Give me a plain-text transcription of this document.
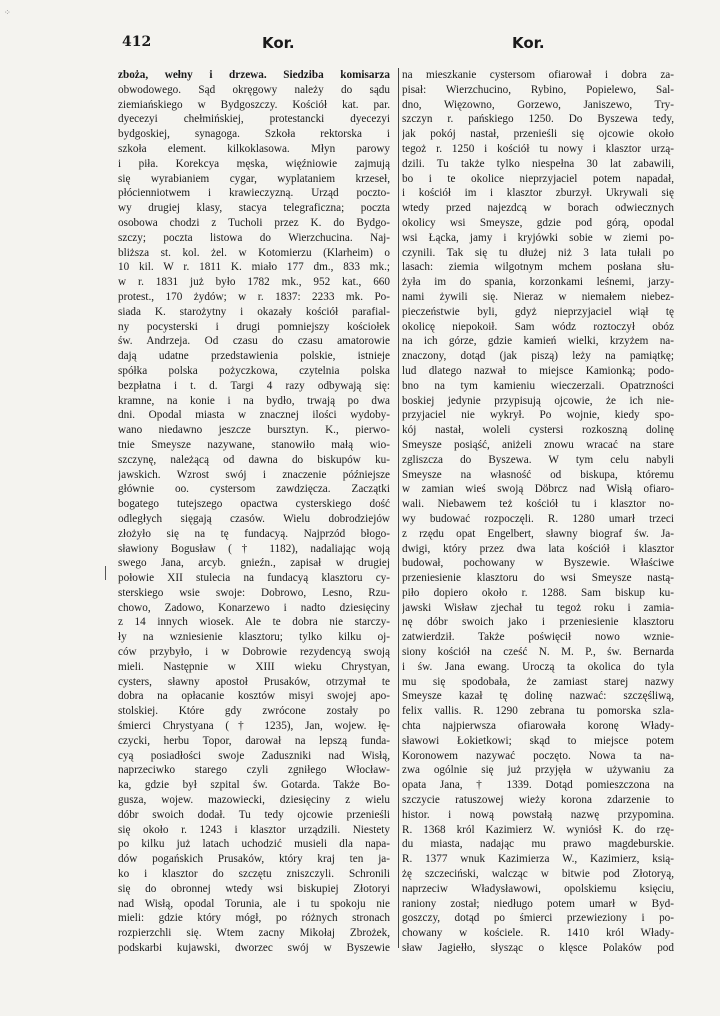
⁘
412	Kor.	Kor.
zboża, wełny i drzewa. Siedziba komisarza
obwodowego. Sąd okręgowy należy do sądu
ziemiańskiego w Bydgoszczy. Kościół kat. par.
dyecezyi chełmińskiej, protestancki dyecezyi
bydgoskiej, synagoga. Szkoła rektorska i
szkoła element. kilkoklasowa. Młyn parowy
i piła. Korekcya męska, więźniowie zajmują
się wyrabianiem cygar, wyplataniem krzeseł,
płócienniotwem i krawieczyzną. Urząd poczto-
wy drugiej klasy, stacya telegraficzna; poczta
osobowa chodzi z Tucholi przez K. do Bydgo-
szczy; poczta listowa do Wierzchucina. Naj-
bliższa st. kol. żel. w Kotomierzu (Klarheim) o
10 kil. W r. 1811 K. miało 177 dm., 833 mk.;
w r. 1831 już było 1782 mk., 952 kat., 660
protest., 170 żydów; w r. 1837: 2233 mk. Po-
siada K. starożytny i okazały kościół parafial-
ny pocysterski i drugi pomniejszy kościołek
św. Andrzeja. Od czasu do czasu amatorowie
dają udatne przedstawienia polskie, istnieje
spółka polska pożyczkowa, czytelnia polska
bezpłatna i t. d. Targi 4 razy odbywają się:
kramne, na konie i na bydło, trwają po dwa
dni. Opodal miasta w znacznej ilości wydoby-
wano niedawno jeszcze bursztyn. K., pierwo-
tnie Smeysze nazywane, stanowiło małą wio-
szczynę, należącą od dawna do biskupów ku-
jawskich. Wzrost swój i znaczenie późniejsze
głównie oo. cystersom zawdzięcza. Zaczątki
bogatego tutejszego opactwa cysterskiego dość
odległych sięgają czasów. Wielu dobrodziejów
złożyło się na tę fundacyą. Najprzód błogo-
sławiony Bogusław († 1182), nadaliając woją
swego Jana, arcyb. gnieźn., zapisał w drugiej
połowie XII stulecia na fundacyą klasztoru cy-
sterskiego wsie swoje: Dobrowo, Lesno, Rzu-
chowo, Zadowo, Konarzewo i nadto dziesięciny
z 14 innych wiosek. Ale te dobra nie starczy-
ły na wzniesienie klasztoru; tylko kilku oj-
ców przybyło, i w Dobrowie rezydencyą swoją
mieli. Następnie w XIII wieku Chrystyan,
cysters, sławny apostoł Prusaków, otrzymał te
dobra na opłacanie kosztów misyi swojej apo-
stolskiej. Które gdy zwrócone zostały po
śmierci Chrystyana († 1235), Jan, wojew. łę-
czycki, herbu Topor, darował na lepszą funda-
cyą posiadłości swoje Zaduszniki nad Wisłą,
naprzeciwko starego czyli zgniłego Włocław-
ka, gdzie był szpital św. Gotarda. Także Bo-
gusza, wojew. mazowiecki, dziesięciny z wielu
dóbr swoich dodał. Tu tedy ojcowie przenieśli
się około r. 1243 i klasztor urządzili. Niestety
po kilku już latach uchodzić musieli dla napa-
dów pogańskich Prusaków, który kraj ten ja-
ko i klasztor do szczętu zniszczyli. Schronili
się do obronnej wtedy wsi biskupiej Złotoryi
nad Wisłą, opodal Torunia, ale i tu spokoju nie
mieli: gdzie który mógł, po różnych stronach
rozpierzchli się. Wtem zacny Mikołaj Zbrożek,
podskarbi kujawski, dworzec swój w Byszewie
na mieszkanie cystersom ofiarował i dobra za-
pisał: Wierzchucino, Rybino, Popielewo, Sal-
dno, Więzowno, Gorzewo, Janiszewo, Try-
szczyn r. pańskiego 1250. Do Byszewa tedy,
jak pokój nastał, przenieśli się ojcowie około
tegoż r. 1250 i kościół tu nowy i klasztor urzą-
dzili. Tu także tylko niespełna 30 lat zabawili,
bo i te okolice nieprzyjaciel potem napadał,
i kościół im i klasztor zburzył. Ukrywali się
wtedy przed najezdcą w borach odwiecznych
okolicy wsi Smeysze, gdzie pod górą, opodal
wsi Łącka, jamy i kryjówki sobie w ziemi po-
czynili. Tak się tu dłużej niż 3 lata tułali po
lasach: ziemia wilgotnym mchem posłana słu-
żyła im do spania, korzonkami leśnemi, jarzy-
nami żywili się. Nieraz w niemałem niebez-
pieczeństwie byli, gdyż nieprzyjaciel wiął tę
okolicę niepokoił. Sam wódz roztoczył obóz
na ich górze, gdzie kamień wielki, krzyżem na-
znaczony, dotąd (jak piszą) leży na pamiątkę;
lud dlatego nazwał to miejsce Kamionką; podo-
bno na tym kamieniu wieczerzali. Opatrzności
boskiej jedynie przypisują ojcowie, że ich nie-
przyjaciel nie wykrył. Po wojnie, kiedy spo-
kój nastał, woleli cystersi rozkoszną dolinę
Smeysze posiąść, aniżeli znowu wracać na stare
zgliszcza do Byszewa. W tym celu nabyli
Smeysze na własność od biskupa, któremu
w zamian wieś swoją Döbrcz nad Wisłą ofiaro-
wali. Niebawem też kościół tu i klasztor no-
wy budować rozpoczęli. R. 1280 umarł trzeci
z rzędu opat Engelbert, sławny biograf św. Ja-
dwigi, który przez dwa lata kościół i klasztor
budował, pochowany w Byszewie. Właściwe
przeniesienie klasztoru do wsi Smeysze nastą-
piło dopiero około r. 1288. Sam biskup ku-
jawski Wisław zjechał tu tegoż roku i zamia-
nę dóbr swoich jako i przeniesienie klasztoru
zatwierdził. Także poświęcił nowo wznie-
siony kościół na cześć N. M. P., św. Bernarda
i św. Jana ewang. Uroczą ta okolica do tyla
mu się spodobała, że zamiast starej nazwy
Smeysze kazał tę dolinę nazwać: szczęśliwą,
felix vallis. R. 1290 zebrana tu pomorska szla-
chta najpierwsza ofiarowała koronę Włady-
sławowi Łokietkowi; skąd to miejsce potem
Koronowem nazywać poczęto. Nowa ta na-
zwa ogólnie się już przyjęła w używaniu za
opata Jana, † 1339. Dotąd pomieszczona na
szczycie ratuszowej wieży korona zdarzenie to
histor. i nową powstałą nazwę przypomina.
R. 1368 król Kazimierz W. wyniósł K. do rzę-
du miasta, nadając mu prawo magdeburskie.
R. 1377 wnuk Kazimierza W., Kazimierz, ksią-
żę szczeciński, walcząc w bitwie pod Złotoryą,
naprzeciw Władysławowi, opolskiemu księciu,
raniony został; niedługo potem umarł w Byd-
goszczy, dotąd po śmierci przewieziony i po-
chowany w kościele. R. 1410 król Włady-
sław Jagiełło, słysząc o klęsce Polaków pod
